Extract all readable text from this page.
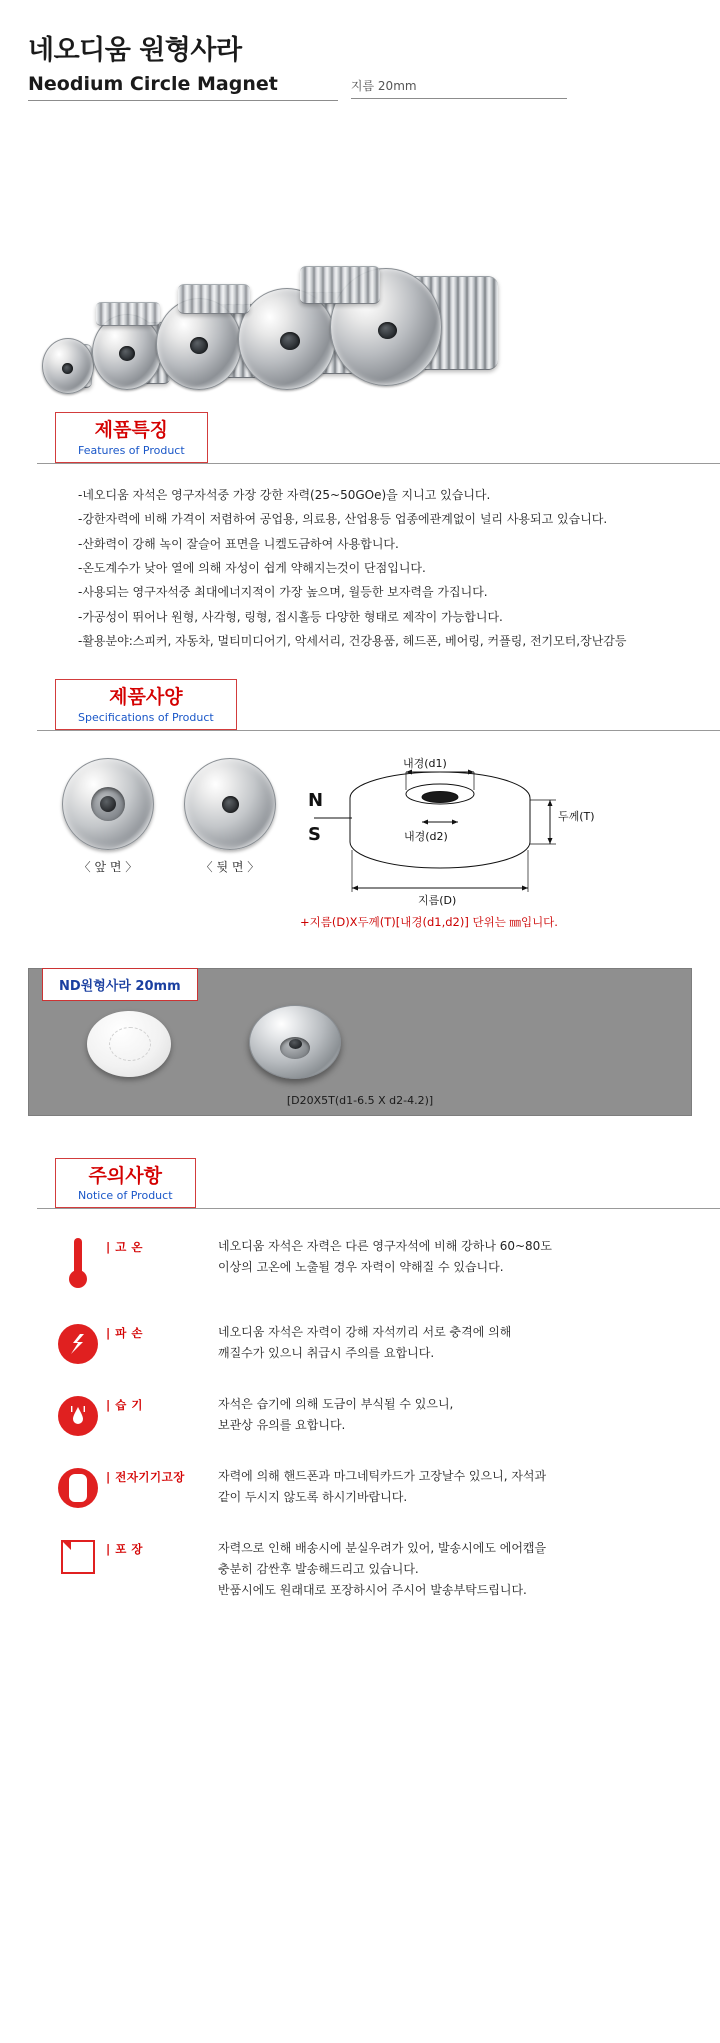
네오디움 원형사라
Neodium Circle Magnet	지름 20mm
제품특징
Features of Product
-네오디움 자석은 영구자석중 가장 강한 자력(25~50GOe)을 지니고 있습니다.
-강한자력에 비해 가격이 저렴하여 공업용, 의료용, 산업용등 업종에관계없이 널리 사용되고 있습니다.
-산화력이 강해 녹이 잘슬어 표면을 니켈도금하여 사용합니다.
-온도계수가 낮아 열에 의해 자성이 쉽게 약해지는것이 단점입니다.
-사용되는 영구자석중 최대에너지적이 가장 높으며, 월등한 보자력을 가집니다.
-가공성이 뛰어나 원형, 사각형, 링형, 접시홀등 다양한 형태로 제작이 가능합니다.
-활용분야:스피커, 자동차, 멀티미디어기, 악세서리, 건강용품, 헤드폰, 베어링, 커플링, 전기모터,장난감등
제품사양
Specifications of Product
〈 앞 면 〉	〈 뒷 면 〉
N
S
내경(d1)
내경(d2)
두께(T)
지름(D)
+지름(D)X두께(T)[내경(d1,d2)] 단위는 ㎜입니다.
ND원형사라 20mm
[D20X5T(d1-6.5 X d2-4.2)]
주의사항
Notice of Product
| 고 온	네오디움 자석은 자력은 다른 영구자석에 비해 강하나 60~80도
이상의 고온에 노출될 경우 자력이 약해질 수 있습니다.
| 파 손	네오디움 자석은 자력이 강해 자석끼리 서로 충격에 의해
깨질수가 있으니 취급시 주의를 요합니다.
| 습 기	자석은 습기에 의해 도금이 부식될 수 있으니,
보관상 유의를 요합니다.
| 전자기기고장	자력에 의해 핸드폰과 마그네틱카드가 고장날수 있으니, 자석과
같이 두시지 않도록 하시기바랍니다.
| 포 장	자력으로 인해 배송시에 분실우려가 있어, 발송시에도 에어캡을
충분히 감싼후 발송해드리고 있습니다.
반품시에도 원래대로 포장하시어 주시어 발송부탁드립니다.
